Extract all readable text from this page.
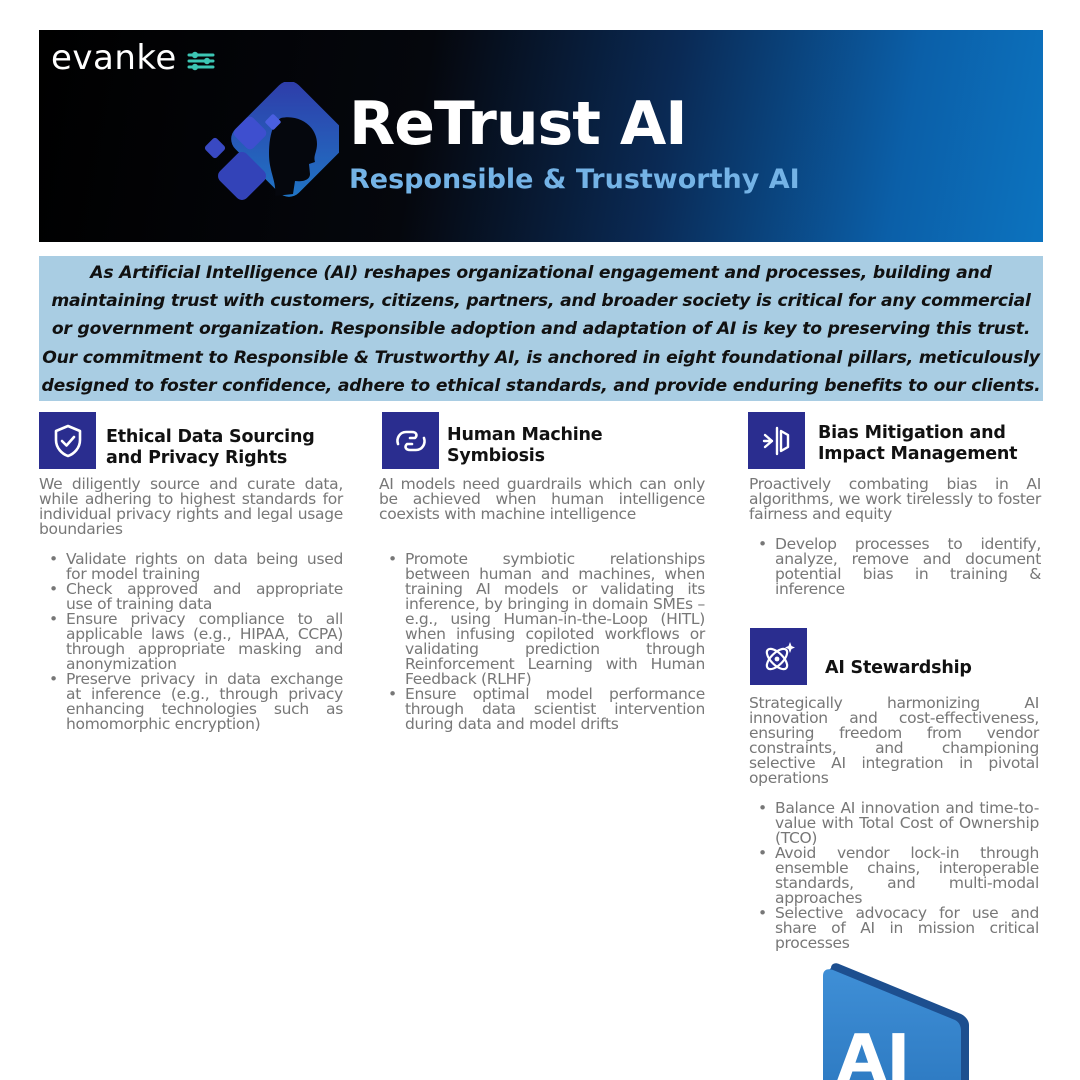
evanke
ReTrust AI
Responsible & Trustworthy AI

As Artificial Intelligence (AI) reshapes organizational engagement and processes, building and maintaining trust with customers, citizens, partners, and broader society is critical for any commercial or government organization. Responsible adoption and adaptation of AI is key to preserving this trust. Our commitment to Responsible & Trustworthy AI, is anchored in eight foundational pillars, meticulously designed to foster confidence, adhere to ethical standards, and provide enduring benefits to our clients.

Ethical Data Sourcing and Privacy Rights

We diligently source and curate data, while adhering to highest standards for individual privacy rights and legal usage boundaries

• Validate rights on data being used for model training
• Check approved and appropriate use of training data
• Ensure privacy compliance to all applicable laws (e.g., HIPAA, CCPA) through appropriate masking and anonymization
• Preserve privacy in data exchange at inference (e.g., through privacy enhancing technologies such as homomorphic encryption)
Human Machine Symbiosis

AI models need guardrails which can only be achieved when human intelligence coexists with machine intelligence

• Promote symbiotic relationships between human and machines, when training AI models or validating its inference, by bringing in domain SMEs – e.g., using Human-in-the-Loop (HITL) when infusing copiloted workflows or validating prediction through Reinforcement Learning with Human Feedback (RLHF)
• Ensure optimal model performance through data scientist intervention during data and model drifts
Bias Mitigation and Impact Management

Proactively combating bias in AI algorithms, we work tirelessly to foster fairness and equity

• Develop processes to identify, analyze, remove and document potential bias in training & inference
AI Stewardship

Strategically harmonizing AI innovation and cost-effectiveness, ensuring freedom from vendor constraints, and championing selective AI integration in pivotal operations

• Balance AI innovation and time-to-value with Total Cost of Ownership (TCO)
• Avoid vendor lock-in through ensemble chains, interoperable standards, and multi-modal approaches
• Selective advocacy for use and share of AI in mission critical processes
AI
